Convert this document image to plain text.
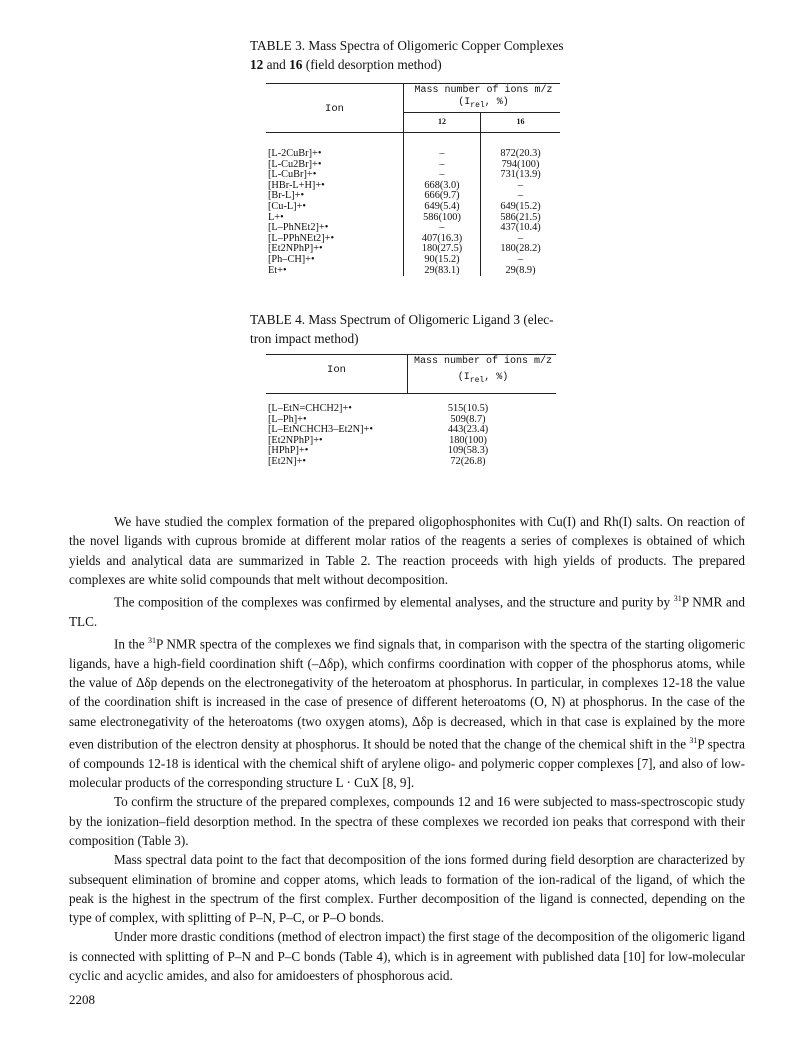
TABLE 3. Mass Spectra of Oligomeric Copper Complexes
12 and 16 (field desorption method)
Ion
Mass number of ions m/z
($I_{rel}$, %)
12	16
[L-2CuBr]+•
[L-Cu2Br]+•
[L-CuBr]+•
[HBr-L+H]+•
[Br-L]+•
[Cu-L]+•
L+•
[L–PhNEt2]+•
[L–PPhNEt2]+•
[Et2NPhP]+•
[Ph–CH]+•
Et+•
–
–
–
668(3.0)
666(9.7)
649(5.4)
586(100)
–
407(16.3)
180(27.5)
90(15.2)
29(83.1)
872(20.3)
794(100)
731(13.9)
–
–
649(15.2)
586(21.5)
437(10.4)
–
180(28.2)
–
29(8.9)
TABLE 4. Mass Spectrum of Oligomeric Ligand 3 (elec-
tron impact method)
Ion
Mass number of ions m/z
($I_{rel}$, %)
[L–EtN=CHCH2]+•
[L–Ph]+•
[L–EtNCHCH3–Et2N]+•
[Et2NPhP]+•
[HPhP]+•
[Et2N]+•
515(10.5)
509(8.7)
443(23.4)
180(100)
109(58.3)
72(26.8)

We have studied the complex formation of the prepared oligophosphonites with Cu(I) and Rh(I) salts. On reaction of the novel ligands with cuprous bromide at different molar ratios of the reagents a series of complexes is obtained of which yields and analytical data are summarized in Table 2. The reaction proceeds with high yields of products. The prepared complexes are white solid compounds that melt without decomposition.

The composition of the complexes was confirmed by elemental analyses, and the structure and purity by $^{31}$P NMR and TLC.

In the $^{31}$P NMR spectra of the complexes we find signals that, in comparison with the spectra of the starting oligomeric ligands, have a high-field coordination shift (–Δδp), which confirms coordination with copper of the phosphorus atoms, while the value of Δδp depends on the electronegativity of the heteroatom at phosphorus. In particular, in complexes 12-18 the value of the coordination shift is increased in the case of presence of different heteroatoms (O, N) at phosphorus. In the case of the same electronegativity of the heteroatoms (two oxygen atoms), Δδp is decreased, which in that case is explained by the more even distribution of the electron density at phosphorus. It should be noted that the change of the chemical shift in the $^{31}$P spectra of compounds 12-18 is identical with the chemical shift of arylene oligo- and polymeric copper complexes [7], and also of low-molecular products of the corresponding structure L · CuX [8, 9].

To confirm the structure of the prepared complexes, compounds 12 and 16 were subjected to mass-spectroscopic study by the ionization–field desorption method. In the spectra of these complexes we recorded ion peaks that correspond with their composition (Table 3).

Mass spectral data point to the fact that decomposition of the ions formed during field desorption are characterized by subsequent elimination of bromine and copper atoms, which leads to formation of the ion-radical of the ligand, of which the peak is the highest in the spectrum of the first complex. Further decomposition of the ligand is connected, depending on the type of complex, with splitting of P–N, P–C, or P–O bonds.

Under more drastic conditions (method of electron impact) the first stage of the decomposition of the oligomeric ligand is connected with splitting of P–N and P–C bonds (Table 4), which is in agreement with published data [10] for low-molecular cyclic and acyclic amides, and also for amidoesters of phosphorous acid.

2208
